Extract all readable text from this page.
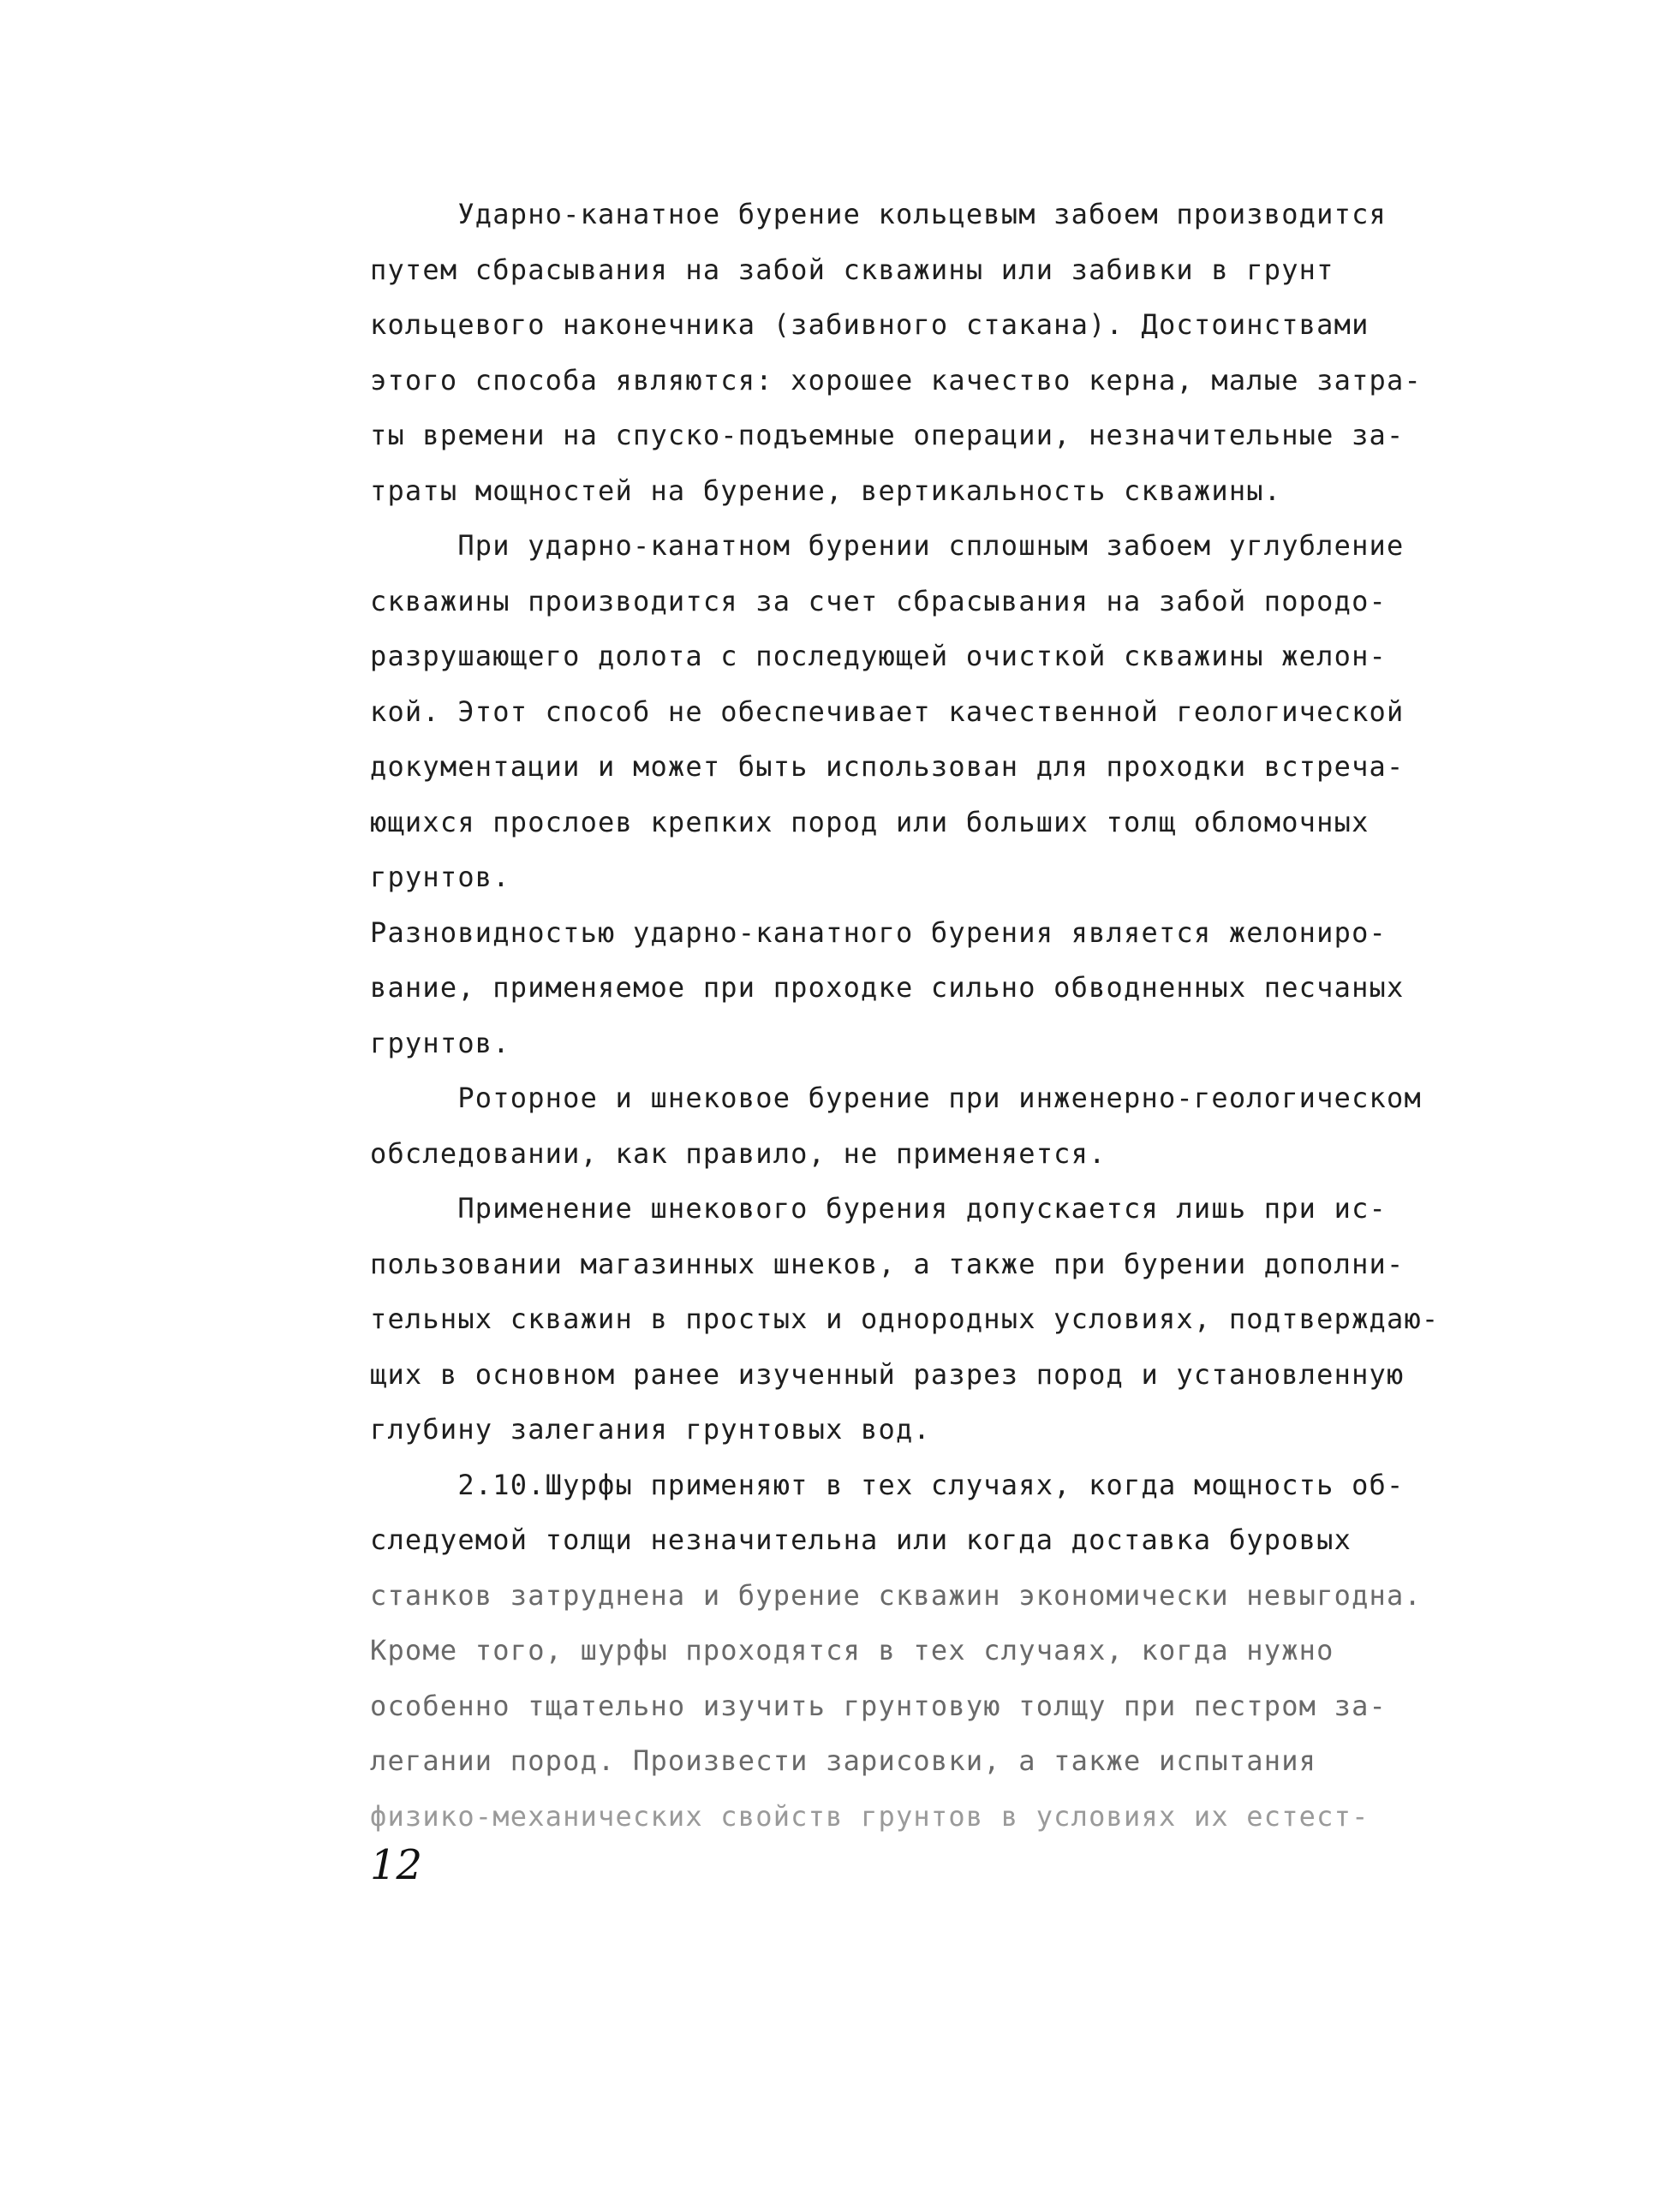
Ударно-канатное бурение кольцевым забоем производится
путем сбрасывания на забой скважины или забивки в грунт
кольцевого наконечника (забивного стакана). Достоинствами
этого способа являются: хорошее качество керна, малые затра-
ты времени на спуско-подъемные операции, незначительные за-
траты мощностей на бурение, вертикальность скважины.
При ударно-канатном бурении сплошным забоем углубление
скважины производится за счет сбрасывания на забой породо-
разрушающего долота с последующей очисткой скважины желон-
кой. Этот способ не обеспечивает качественной геологической
документации и может быть использован для проходки встреча-
ющихся прослоев крепких пород или больших толщ обломочных
грунтов.
Разновидностью ударно-канатного бурения является желониро-
вание, применяемое при проходке сильно обводненных песчаных
грунтов.
Роторное и шнековое бурение при инженерно-геологическом
обследовании, как правило, не применяется.
Применение шнекового бурения допускается лишь при ис-
пользовании магазинных шнеков, а также при бурении дополни-
тельных скважин в простых и однородных условиях, подтверждаю-
щих в основном ранее изученный разрез пород и установленную
глубину залегания грунтовых вод.
2.10.Шурфы применяют в тех случаях, когда мощность об-
следуемой толщи незначительна или когда доставка буровых
станков затруднена и бурение скважин экономически невыгодна.
Кроме того, шурфы проходятся в тех случаях, когда нужно
особенно тщательно изучить грунтовую толщу при пестром за-
легании пород. Произвести зарисовки, а также испытания
физико-механических свойств грунтов в условиях их естест-
12
